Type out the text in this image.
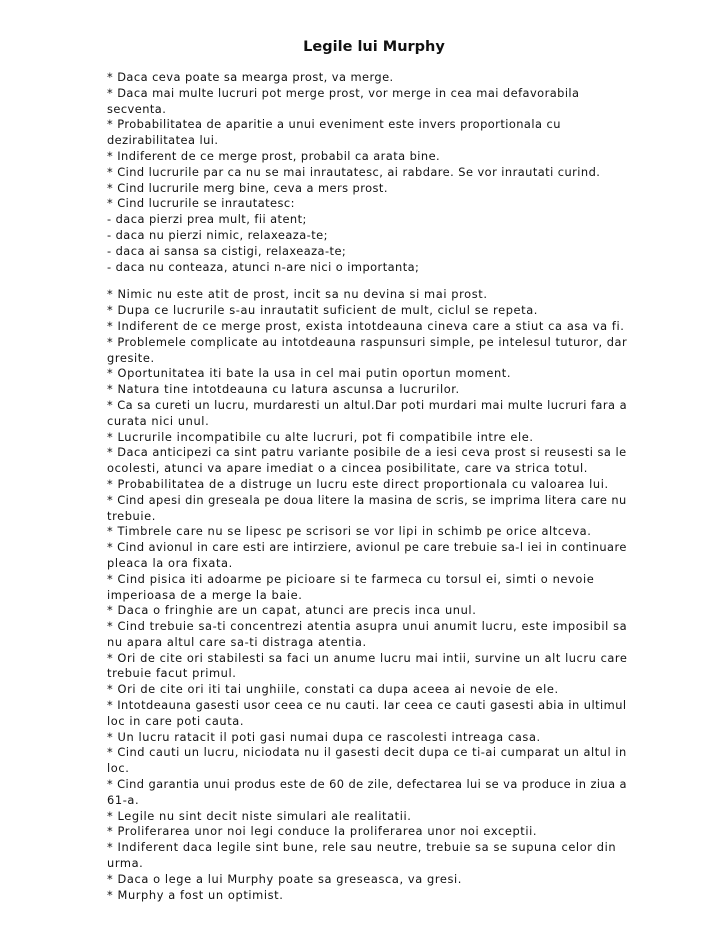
Legile lui Murphy
* Daca ceva poate sa mearga prost, va merge.
* Daca mai multe lucruri pot merge prost, vor merge in cea mai defavorabila
secventa.
* Probabilitatea de aparitie a unui eveniment este invers proportionala cu
dezirabilitatea lui.
* Indiferent de ce merge prost, probabil ca arata bine.
* Cind lucrurile par ca nu se mai inrautatesc, ai rabdare. Se vor inrautati curind.
* Cind lucrurile merg bine, ceva a mers prost.
* Cind lucrurile se inrautatesc:
- daca pierzi prea mult, fii atent;
- daca nu pierzi nimic, relaxeaza-te;
- daca ai sansa sa cistigi, relaxeaza-te;
- daca nu conteaza, atunci n-are nici o importanta;
* Nimic nu este atit de prost, incit sa nu devina si mai prost.
* Dupa ce lucrurile s-au inrautatit suficient de mult, ciclul se repeta.
* Indiferent de ce merge prost, exista intotdeauna cineva care a stiut ca asa va fi.
* Problemele complicate au intotdeauna raspunsuri simple, pe intelesul tuturor, dar
gresite.
* Oportunitatea iti bate la usa in cel mai putin oportun moment.
* Natura tine intotdeauna cu latura ascunsa a lucrurilor.
* Ca sa cureti un lucru, murdaresti un altul.Dar poti murdari mai multe lucruri fara a
curata nici unul.
* Lucrurile incompatibile cu alte lucruri, pot fi compatibile intre ele.
* Daca anticipezi ca sint patru variante posibile de a iesi ceva prost si reusesti sa le
ocolesti, atunci va apare imediat o a cincea posibilitate, care va strica totul.
* Probabilitatea de a distruge un lucru este direct proportionala cu valoarea lui.
* Cind apesi din greseala pe doua litere la masina de scris, se imprima litera care nu
trebuie.
* Timbrele care nu se lipesc pe scrisori se vor lipi in schimb pe orice altceva.
* Cind avionul in care esti are intirziere, avionul pe care trebuie sa-l iei in continuare
pleaca la ora fixata.
* Cind pisica iti adoarme pe picioare si te farmeca cu torsul ei, simti o nevoie
imperioasa de a merge la baie.
* Daca o fringhie are un capat, atunci are precis inca unul.
* Cind trebuie sa-ti concentrezi atentia asupra unui anumit lucru, este imposibil sa
nu apara altul care sa-ti distraga atentia.
* Ori de cite ori stabilesti sa faci un anume lucru mai intii, survine un alt lucru care
trebuie facut primul.
* Ori de cite ori iti tai unghiile, constati ca dupa aceea ai nevoie de ele.
* Intotdeauna gasesti usor ceea ce nu cauti. Iar ceea ce cauti gasesti abia in ultimul
loc in care poti cauta.
* Un lucru ratacit il poti gasi numai dupa ce rascolesti intreaga casa.
* Cind cauti un lucru, niciodata nu il gasesti decit dupa ce ti-ai cumparat un altul in
loc.
* Cind garantia unui produs este de 60 de zile, defectarea lui se va produce in ziua a
61-a.
* Legile nu sint decit niste simulari ale realitatii.
* Proliferarea unor noi legi conduce la proliferarea unor noi exceptii.
* Indiferent daca legile sint bune, rele sau neutre, trebuie sa se supuna celor din
urma.
* Daca o lege a lui Murphy poate sa greseasca, va gresi.
* Murphy a fost un optimist.
